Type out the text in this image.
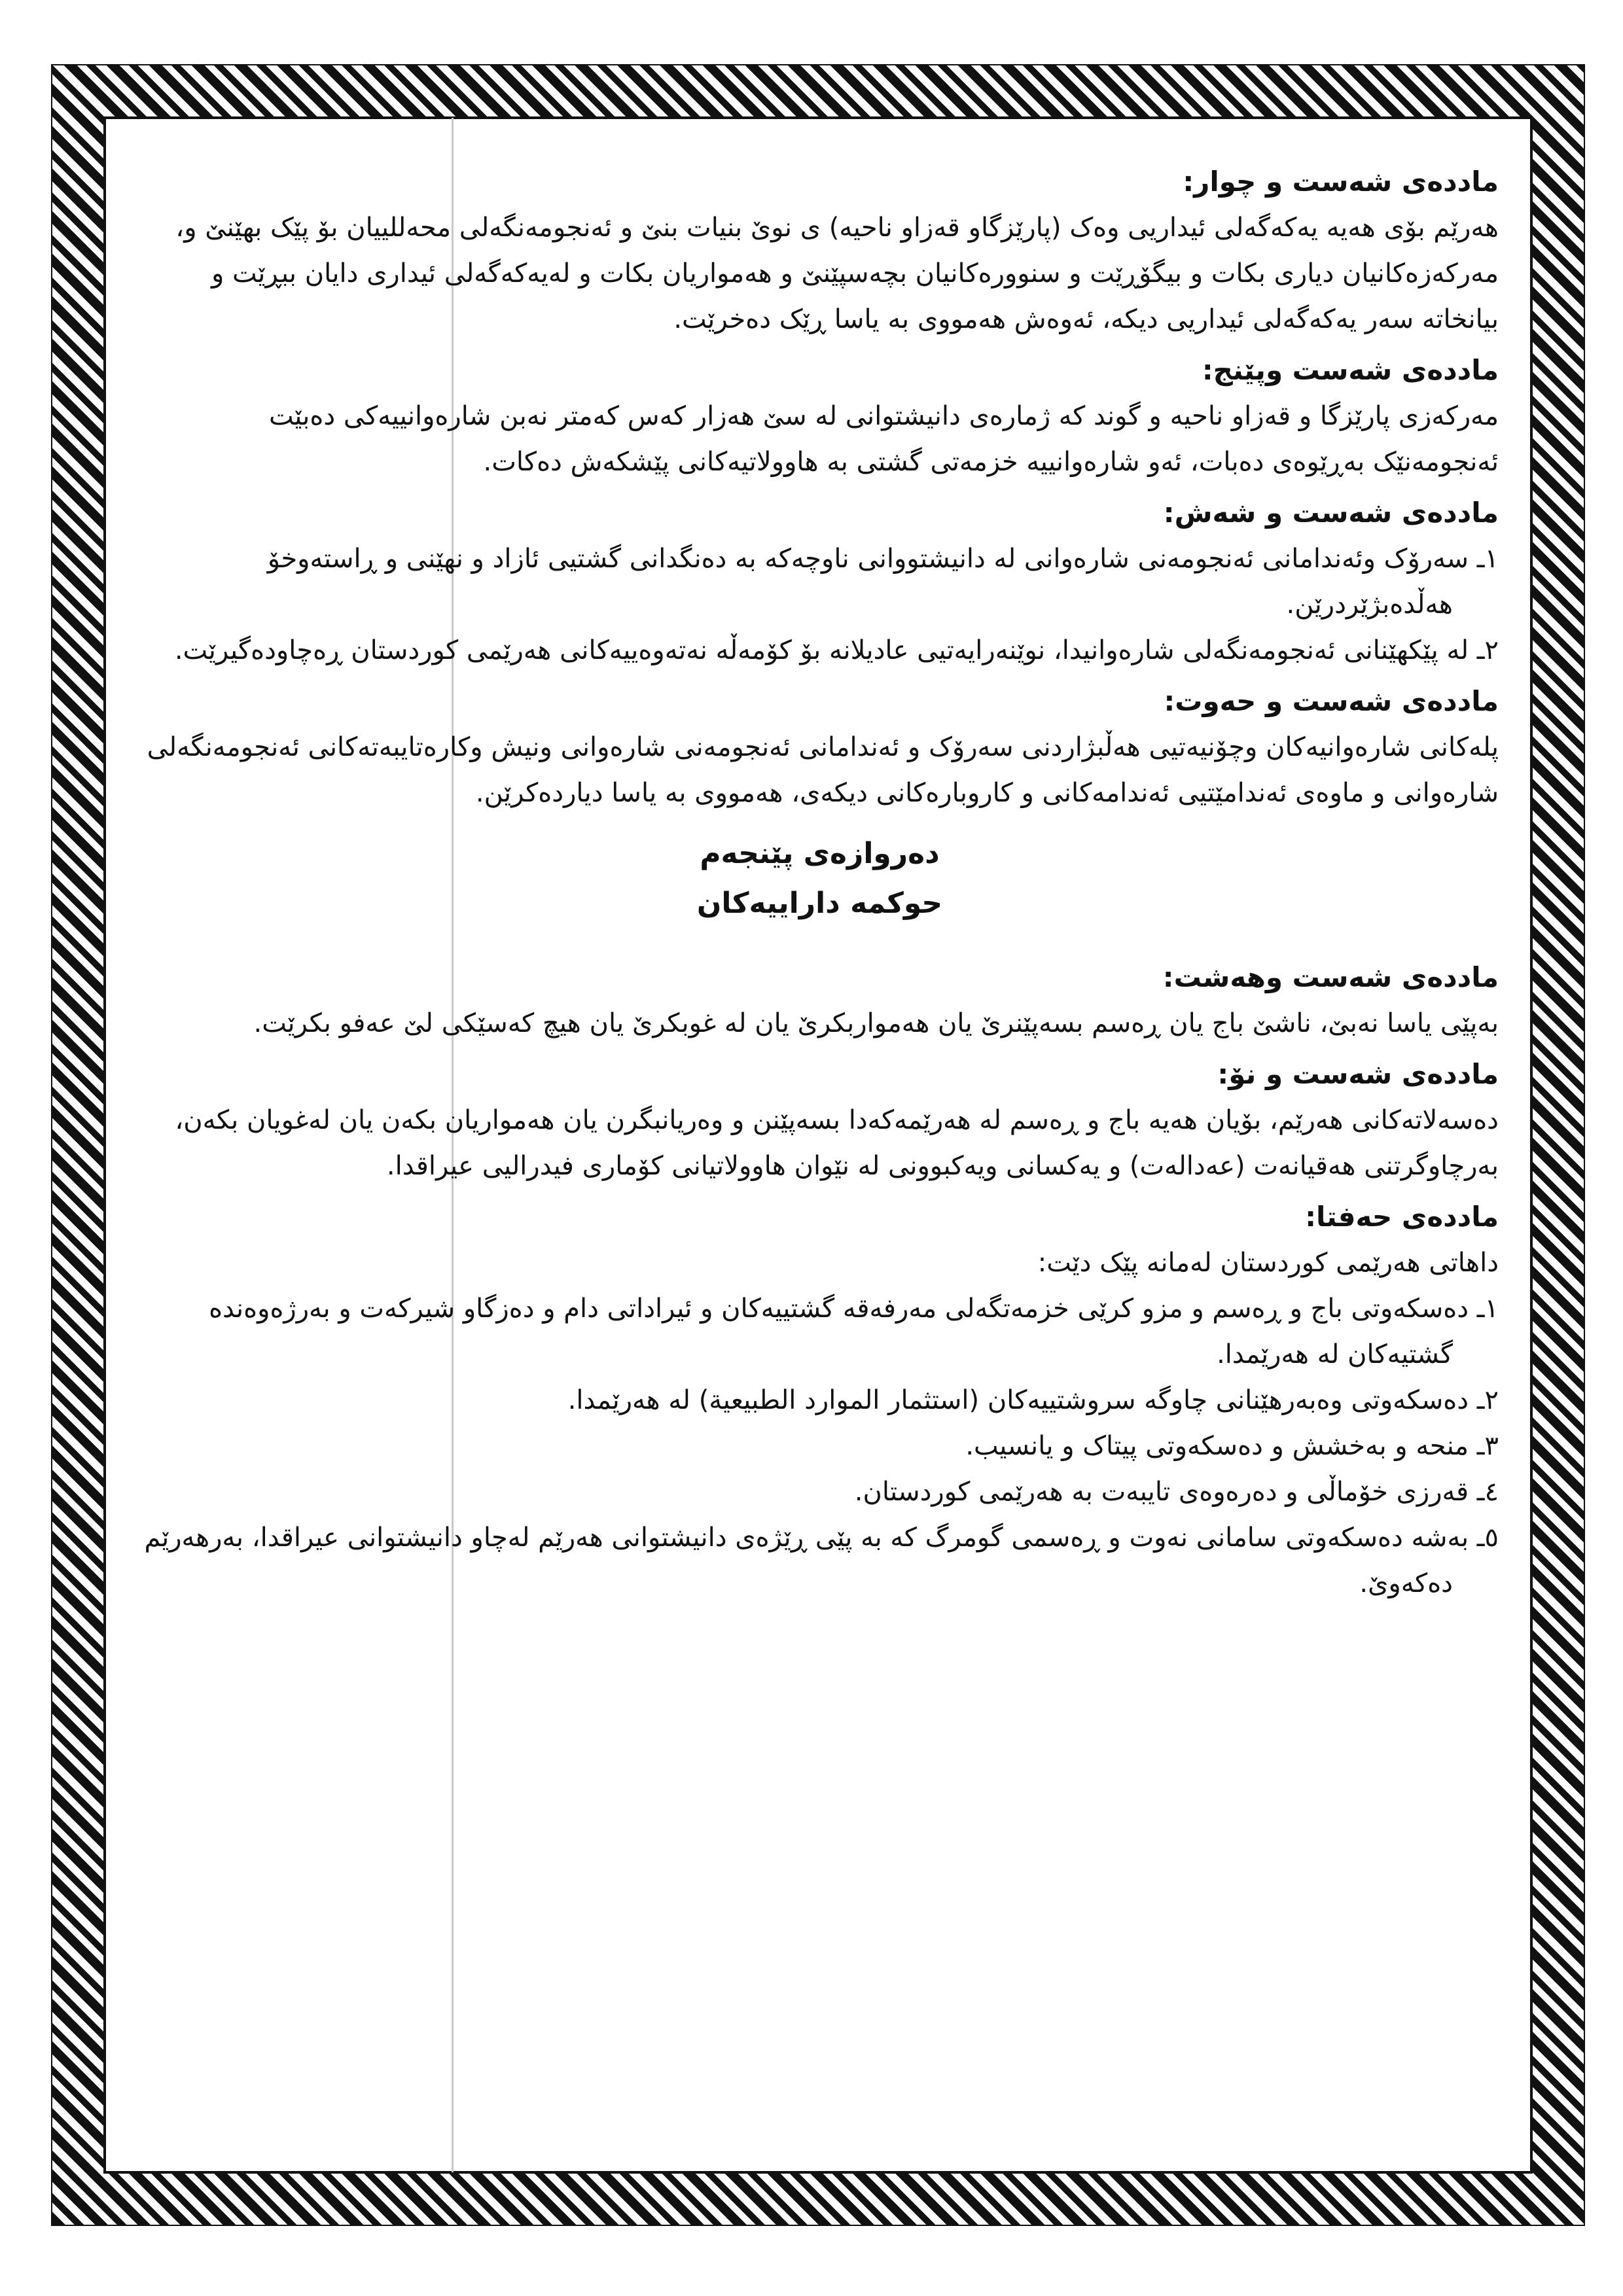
ماددەی شەست و چوار:

هەرێم بۆی هەیە یەکەگەلی ئیداریی وەک (پارێزگاو قەزاو ناحیە) ی نوێ بنیات بنێ و ئەنجومەنگەلی محەللییان بۆ پێک بهێنێ و، مەرکەزەکانیان دیاری بکات و بیگۆڕێت و سنوورەکانیان بچەسپێنێ و هەمواریان بکات و لەیەکەگەلی ئیداری دایان ببڕێت و بیانخاتە سەر یەکەگەلی ئیداریی دیکە، ئەوەش هەمووی بە یاسا ڕێک دەخرێت.

ماددەی شەست وپێنج:

مەرکەزی پارێزگا و قەزاو ناحیە و گوند کە ژمارەی دانیشتوانی لە سێ هەزار کەس کەمتر نەبن شارەوانییەکی دەبێت ئەنجومەنێک بەڕێوەی دەبات، ئەو شارەوانییە خزمەتی گشتی بە هاوولاتیەکانی پێشکەش دەکات.

ماددەی شەست و شەش:

١ـ سەرۆک وئەندامانی ئەنجومەنی شارەوانی لە دانیشتووانی ناوچەکە بە دەنگدانی گشتیی ئازاد و نهێنی و ڕاستەوخۆ هەڵدەبژێردرێن.

٢ـ لە پێکهێنانی ئەنجومەنگەلی شارەوانیدا، نوێنەرایەتیی عادیلانە بۆ کۆمەڵە نەتەوەییەکانی هەرێمی کوردستان ڕەچاودەگیرێت.

ماددەی شەست و حەوت:

پلەکانی شارەوانیەکان وچۆنیەتیی هەڵبژاردنی سەرۆک و ئەندامانی ئەنجومەنی شارەوانی ونیش وکارەتایبەتەکانی ئەنجومەنگەلی شارەوانی و ماوەی ئەندامێتیی ئەندامەکانی و کاروبارەکانی دیکەی، هەمووی بە یاسا دیاردەکرێن.

دەروازەی پێنجەم
حوکمە داراییەکان

ماددەی شەست وهەشت:

بەپێی یاسا نەبێ، ناشێ باج یان ڕەسم بسەپێنرێ یان هەمواربکرێ یان لە غوبکرێ یان هیچ کەسێکی لێ عەفو بکرێت.

ماددەی شەست و نۆ:

دەسەلاتەکانی هەرێم، بۆیان هەیە باج و ڕەسم لە هەرێمەکەدا بسەپێنن و وەریانبگرن یان هەمواریان بکەن یان لەغویان بکەن، بەرچاوگرتنی هەقیانەت (عەدالەت) و یەکسانی ویەکبوونی لە نێوان هاوولاتیانی کۆماری فیدرالیی عیراقدا.

ماددەی حەفتا:

داهاتی هەرێمی کوردستان لەمانە پێک دێت:

١ـ دەسکەوتی باج و ڕەسم و مزو کرێی خزمەتگەلی مەرفەقە گشتییەکان و ئیراداتی دام و دەزگاو شیرکەت و بەرژەوەندە گشتیەکان لە هەرێمدا.

٢ـ دەسکەوتی وەبەرهێنانی چاوگە سروشتییەکان (استثمار الموارد الطبیعیة) لە هەرێمدا.

٣ـ منحە و بەخشش و دەسکەوتی پیتاک و یانسیب.

٤ـ قەرزی خۆماڵی و دەرەوەی تایبەت بە هەرێمی کوردستان.

٥ـ بەشە دەسکەوتی سامانی نەوت و ڕەسمی گومرگ کە بە پێی ڕێژەی دانیشتوانی هەرێم لەچاو دانیشتوانی عیراقدا، بەرهەرێم دەکەوێ.
